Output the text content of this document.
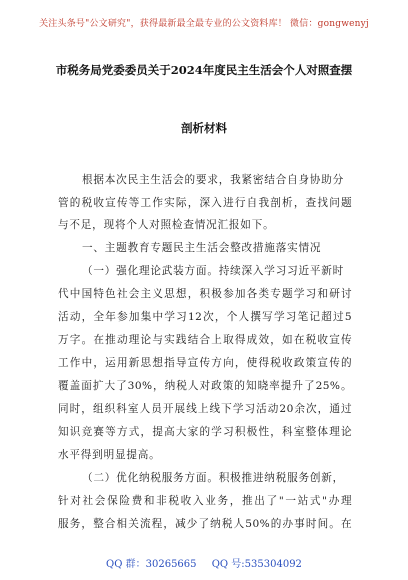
关注头条号"公文研究"，获得最新最全最专业的公文资料库！ 微信：gongwenyj
市税务局党委委员关于2024年度民主生活会个人对照查摆
剖析材料
根据本次民主生活会的要求，我紧密结合自身协助分
管的税收宣传等工作实际，深入进行自我剖析，查找问题
与不足，现将个人对照检查情况汇报如下。
一、主题教育专题民主生活会整改措施落实情况
（一）强化理论武装方面。持续深入学习习近平新时
代中国特色社会主义思想，积极参加各类专题学习和研讨
活动，全年参加集中学习12次，个人撰写学习笔记超过5
万字。在推动理论与实践结合上取得成效，如在税收宣传
工作中，运用新思想指导宣传方向，使得税收政策宣传的
覆盖面扩大了30%，纳税人对政策的知晓率提升了25%。
同时，组织科室人员开展线上线下学习活动20余次，通过
知识竞赛等方式，提高大家的学习积极性，科室整体理论
水平得到明显提高。
（二）优化纳税服务方面。积极推进纳税服务创新，
针对社会保险费和非税收入业务，推出了"一站式"办理
服务，整合相关流程，减少了纳税人50%的办事时间。在
QQ 群：30265665 QQ 号:535304092
